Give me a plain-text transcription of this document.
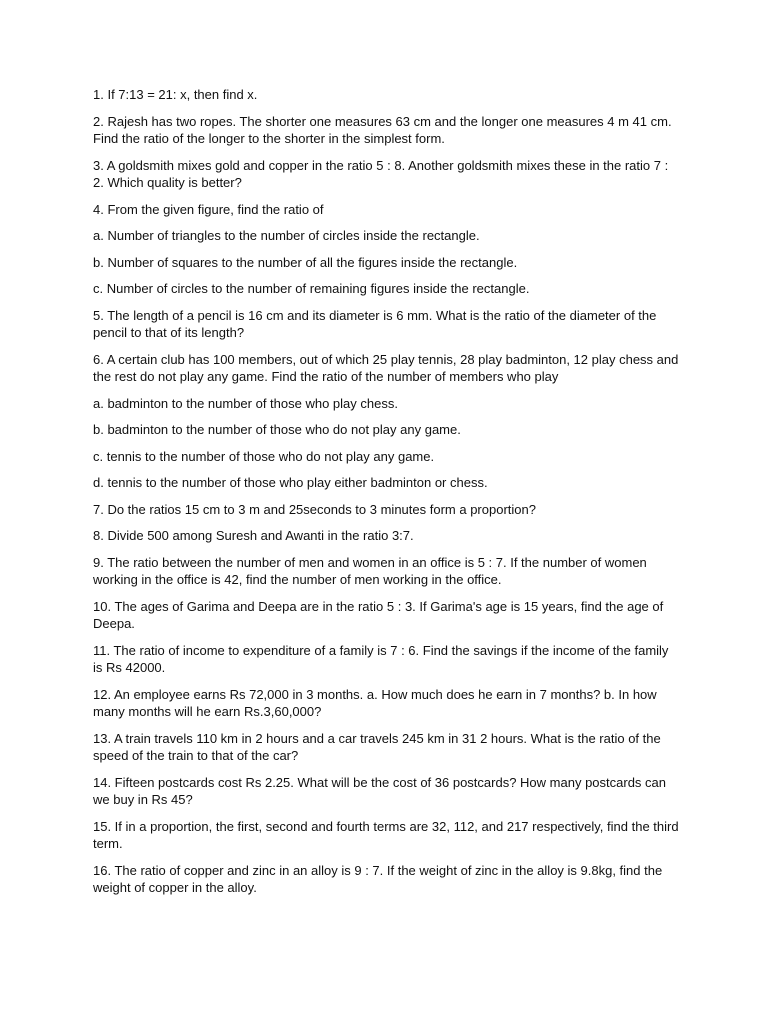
1. If 7:13 = 21: x, then find x.

2. Rajesh has two ropes. The shorter one measures 63 cm and the longer one measures 4 m 41 cm. Find the ratio of the longer to the shorter in the simplest form.

3. A goldsmith mixes gold and copper in the ratio 5 : 8. Another goldsmith mixes these in the ratio 7 : 2. Which quality is better?

4. From the given figure, find the ratio of

a. Number of triangles to the number of circles inside the rectangle.

b. Number of squares to the number of all the figures inside the rectangle.

c. Number of circles to the number of remaining figures inside the rectangle.

5. The length of a pencil is 16 cm and its diameter is 6 mm. What is the ratio of the diameter of the pencil to that of its length?

6. A certain club has 100 members, out of which 25 play tennis, 28 play badminton, 12 play chess and the rest do not play any game. Find the ratio of the number of members who play

a. badminton to the number of those who play chess.

b. badminton to the number of those who do not play any game.

c. tennis to the number of those who do not play any game.

d. tennis to the number of those who play either badminton or chess.

7. Do the ratios 15 cm to 3 m and 25seconds to 3 minutes form a proportion?

8. Divide 500 among Suresh and Awanti in the ratio 3:7.

9. The ratio between the number of men and women in an office is 5 : 7. If the number of women working in the office is 42, find the number of men working in the office.

10. The ages of Garima and Deepa are in the ratio 5 : 3. If Garima's age is 15 years, find the age of Deepa.

11. The ratio of income to expenditure of a family is 7 : 6. Find the savings if the income of the family is Rs 42000.

12. An employee earns Rs 72,000 in 3 months. a. How much does he earn in 7 months? b. In how many months will he earn Rs.3,60,000?

13. A train travels 110 km in 2 hours and a car travels 245 km in 31 2 hours. What is the ratio of the speed of the train to that of the car?

14. Fifteen postcards cost Rs 2.25. What will be the cost of 36 postcards? How many postcards can we buy in Rs 45?

15. If in a proportion, the first, second and fourth terms are 32, 112, and 217 respectively, find the third term.

16. The ratio of copper and zinc in an alloy is 9 : 7. If the weight of zinc in the alloy is 9.8kg, find the weight of copper in the alloy.
